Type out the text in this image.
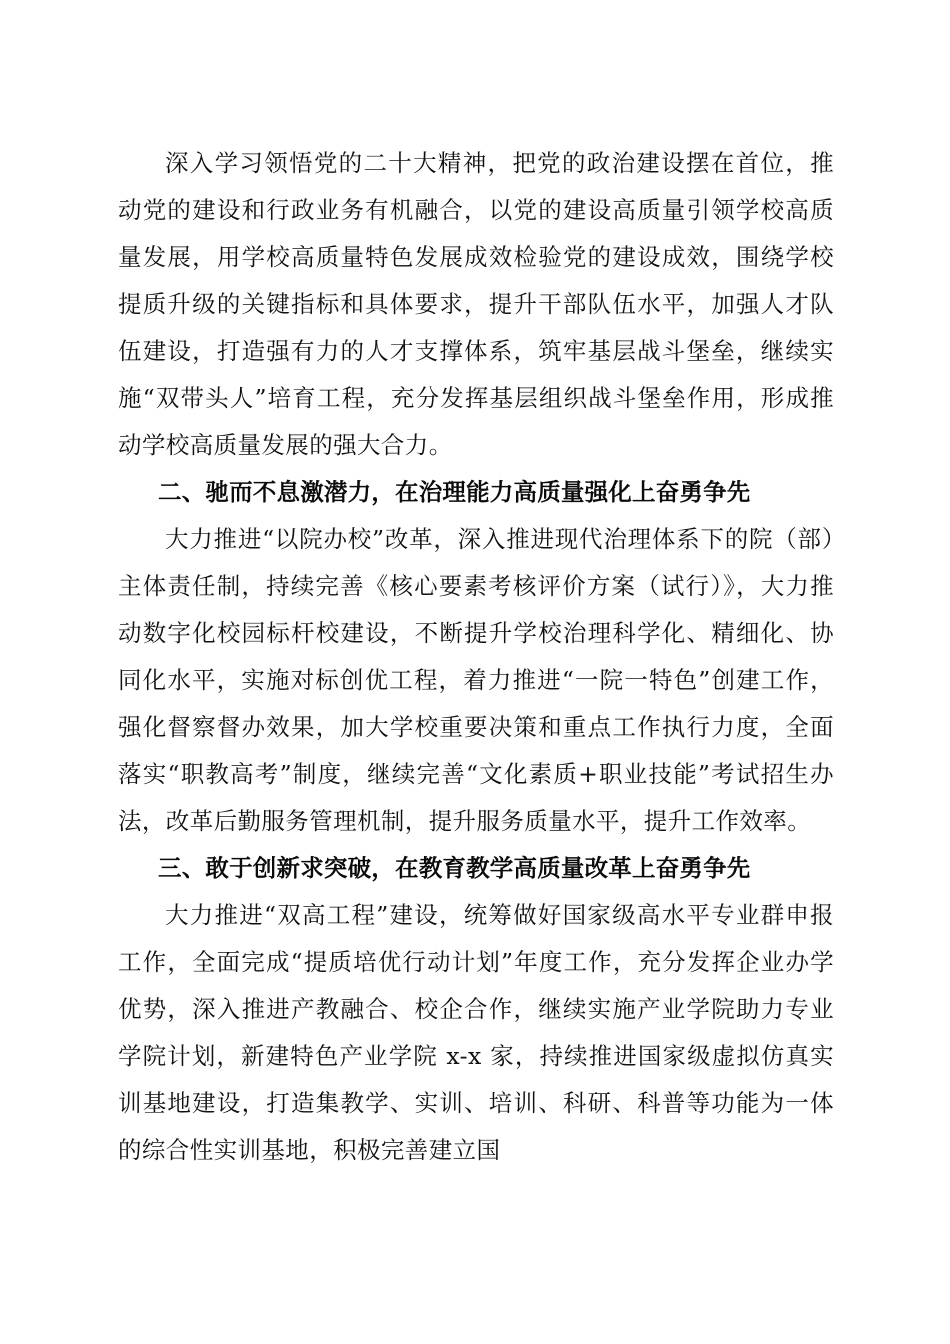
深入学习领悟党的二十大精神，把党的政治建设摆在首位，推动党的建设和行政业务有机融合，以党的建设高质量引领学校高质量发展，用学校高质量特色发展成效检验党的建设成效，围绕学校提质升级的关键指标和具体要求，提升干部队伍水平，加强人才队伍建设，打造强有力的人才支撑体系，筑牢基层战斗堡垒，继续实施“双带头人”培育工程，充分发挥基层组织战斗堡垒作用，形成推动学校高质量发展的强大合力。

二、驰而不息激潜力，在治理能力高质量强化上奋勇争先

大力推进“以院办校”改革，深入推进现代治理体系下的院（部）主体责任制，持续完善《核心要素考核评价方案（试行）》，大力推动数字化校园标杆校建设，不断提升学校治理科学化、精细化、协同化水平，实施对标创优工程，着力推进“一院一特色”创建工作，强化督察督办效果，加大学校重要决策和重点工作执行力度，全面落实“职教高考”制度，继续完善“文化素质+职业技能”考试招生办法，改革后勤服务管理机制，提升服务质量水平，提升工作效率。

三、敢于创新求突破，在教育教学高质量改革上奋勇争先

大力推进“双高工程”建设，统筹做好国家级高水平专业群申报工作，全面完成“提质培优行动计划”年度工作，充分发挥企业办学优势，深入推进产教融合、校企合作，继续实施产业学院助力专业学院计划，新建特色产业学院 x-x 家，持续推进国家级虚拟仿真实训基地建设，打造集教学、实训、培训、科研、科普等功能为一体的综合性实训基地，积极完善建立国
